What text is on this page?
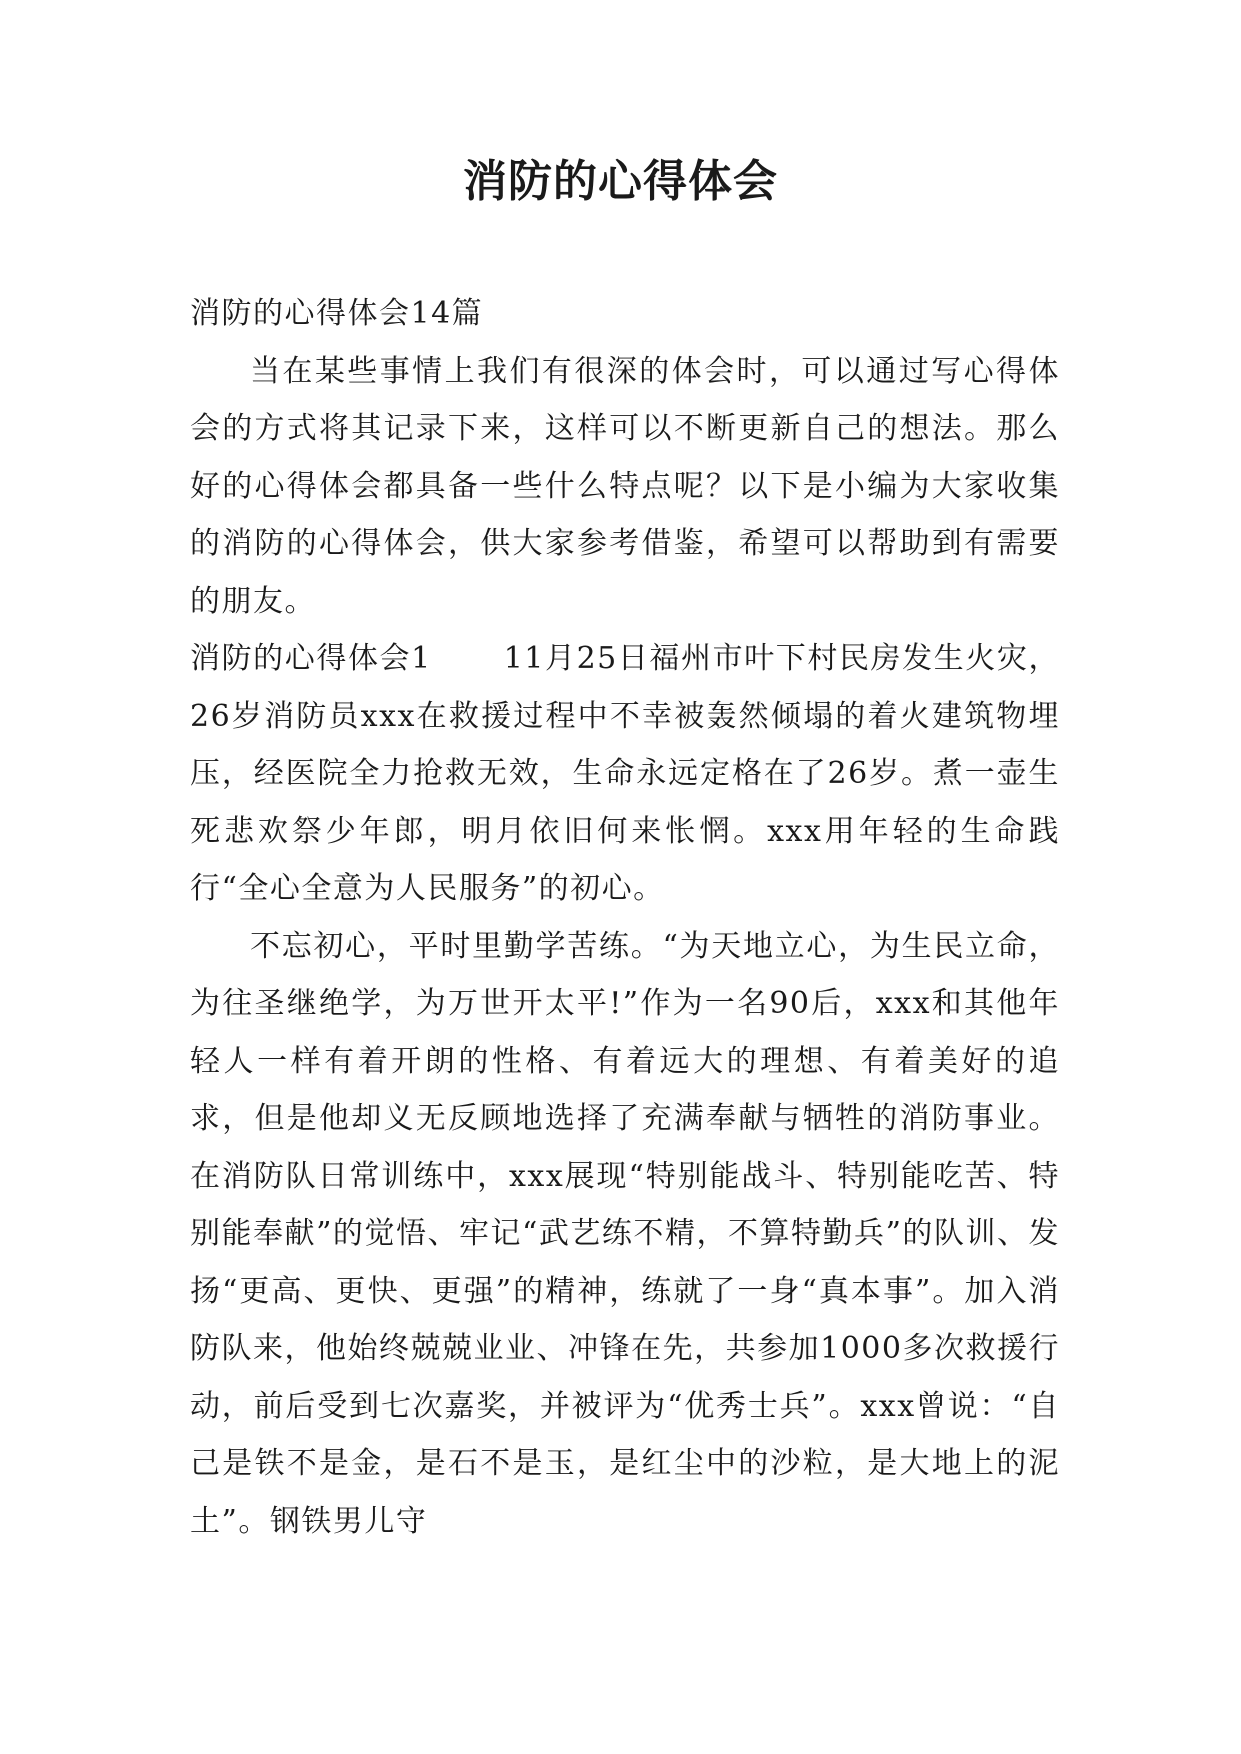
消防的心得体会

消防的心得体会14篇

当在某些事情上我们有很深的体会时，可以通过写心得体会的方式将其记录下来，这样可以不断更新自己的想法。那么好的心得体会都具备一些什么特点呢？以下是小编为大家收集的消防的心得体会，供大家参考借鉴，希望可以帮助到有需要的朋友。

消防的心得体会1 11月25日福州市叶下村民房发生火灾，26岁消防员xxx在救援过程中不幸被轰然倾塌的着火建筑物埋压，经医院全力抢救无效，生命永远定格在了26岁。煮一壶生死悲欢祭少年郎，明月依旧何来怅惘。xxx用年轻的生命践行“全心全意为人民服务”的初心。

不忘初心，平时里勤学苦练。“为天地立心，为生民立命，为往圣继绝学，为万世开太平!”作为一名90后，xxx和其他年轻人一样有着开朗的性格、有着远大的理想、有着美好的追求，但是他却义无反顾地选择了充满奉献与牺牲的消防事业。在消防队日常训练中，xxx展现“特别能战斗、特别能吃苦、特别能奉献”的觉悟、牢记“武艺练不精，不算特勤兵”的队训、发扬“更高、更快、更强”的精神，练就了一身“真本事”。加入消防队来，他始终兢兢业业、冲锋在先，共参加1000多次救援行动，前后受到七次嘉奖，并被评为“优秀士兵”。xxx曾说：“自己是铁不是金，是石不是玉，是红尘中的沙粒，是大地上的泥土”。钢铁男儿守
